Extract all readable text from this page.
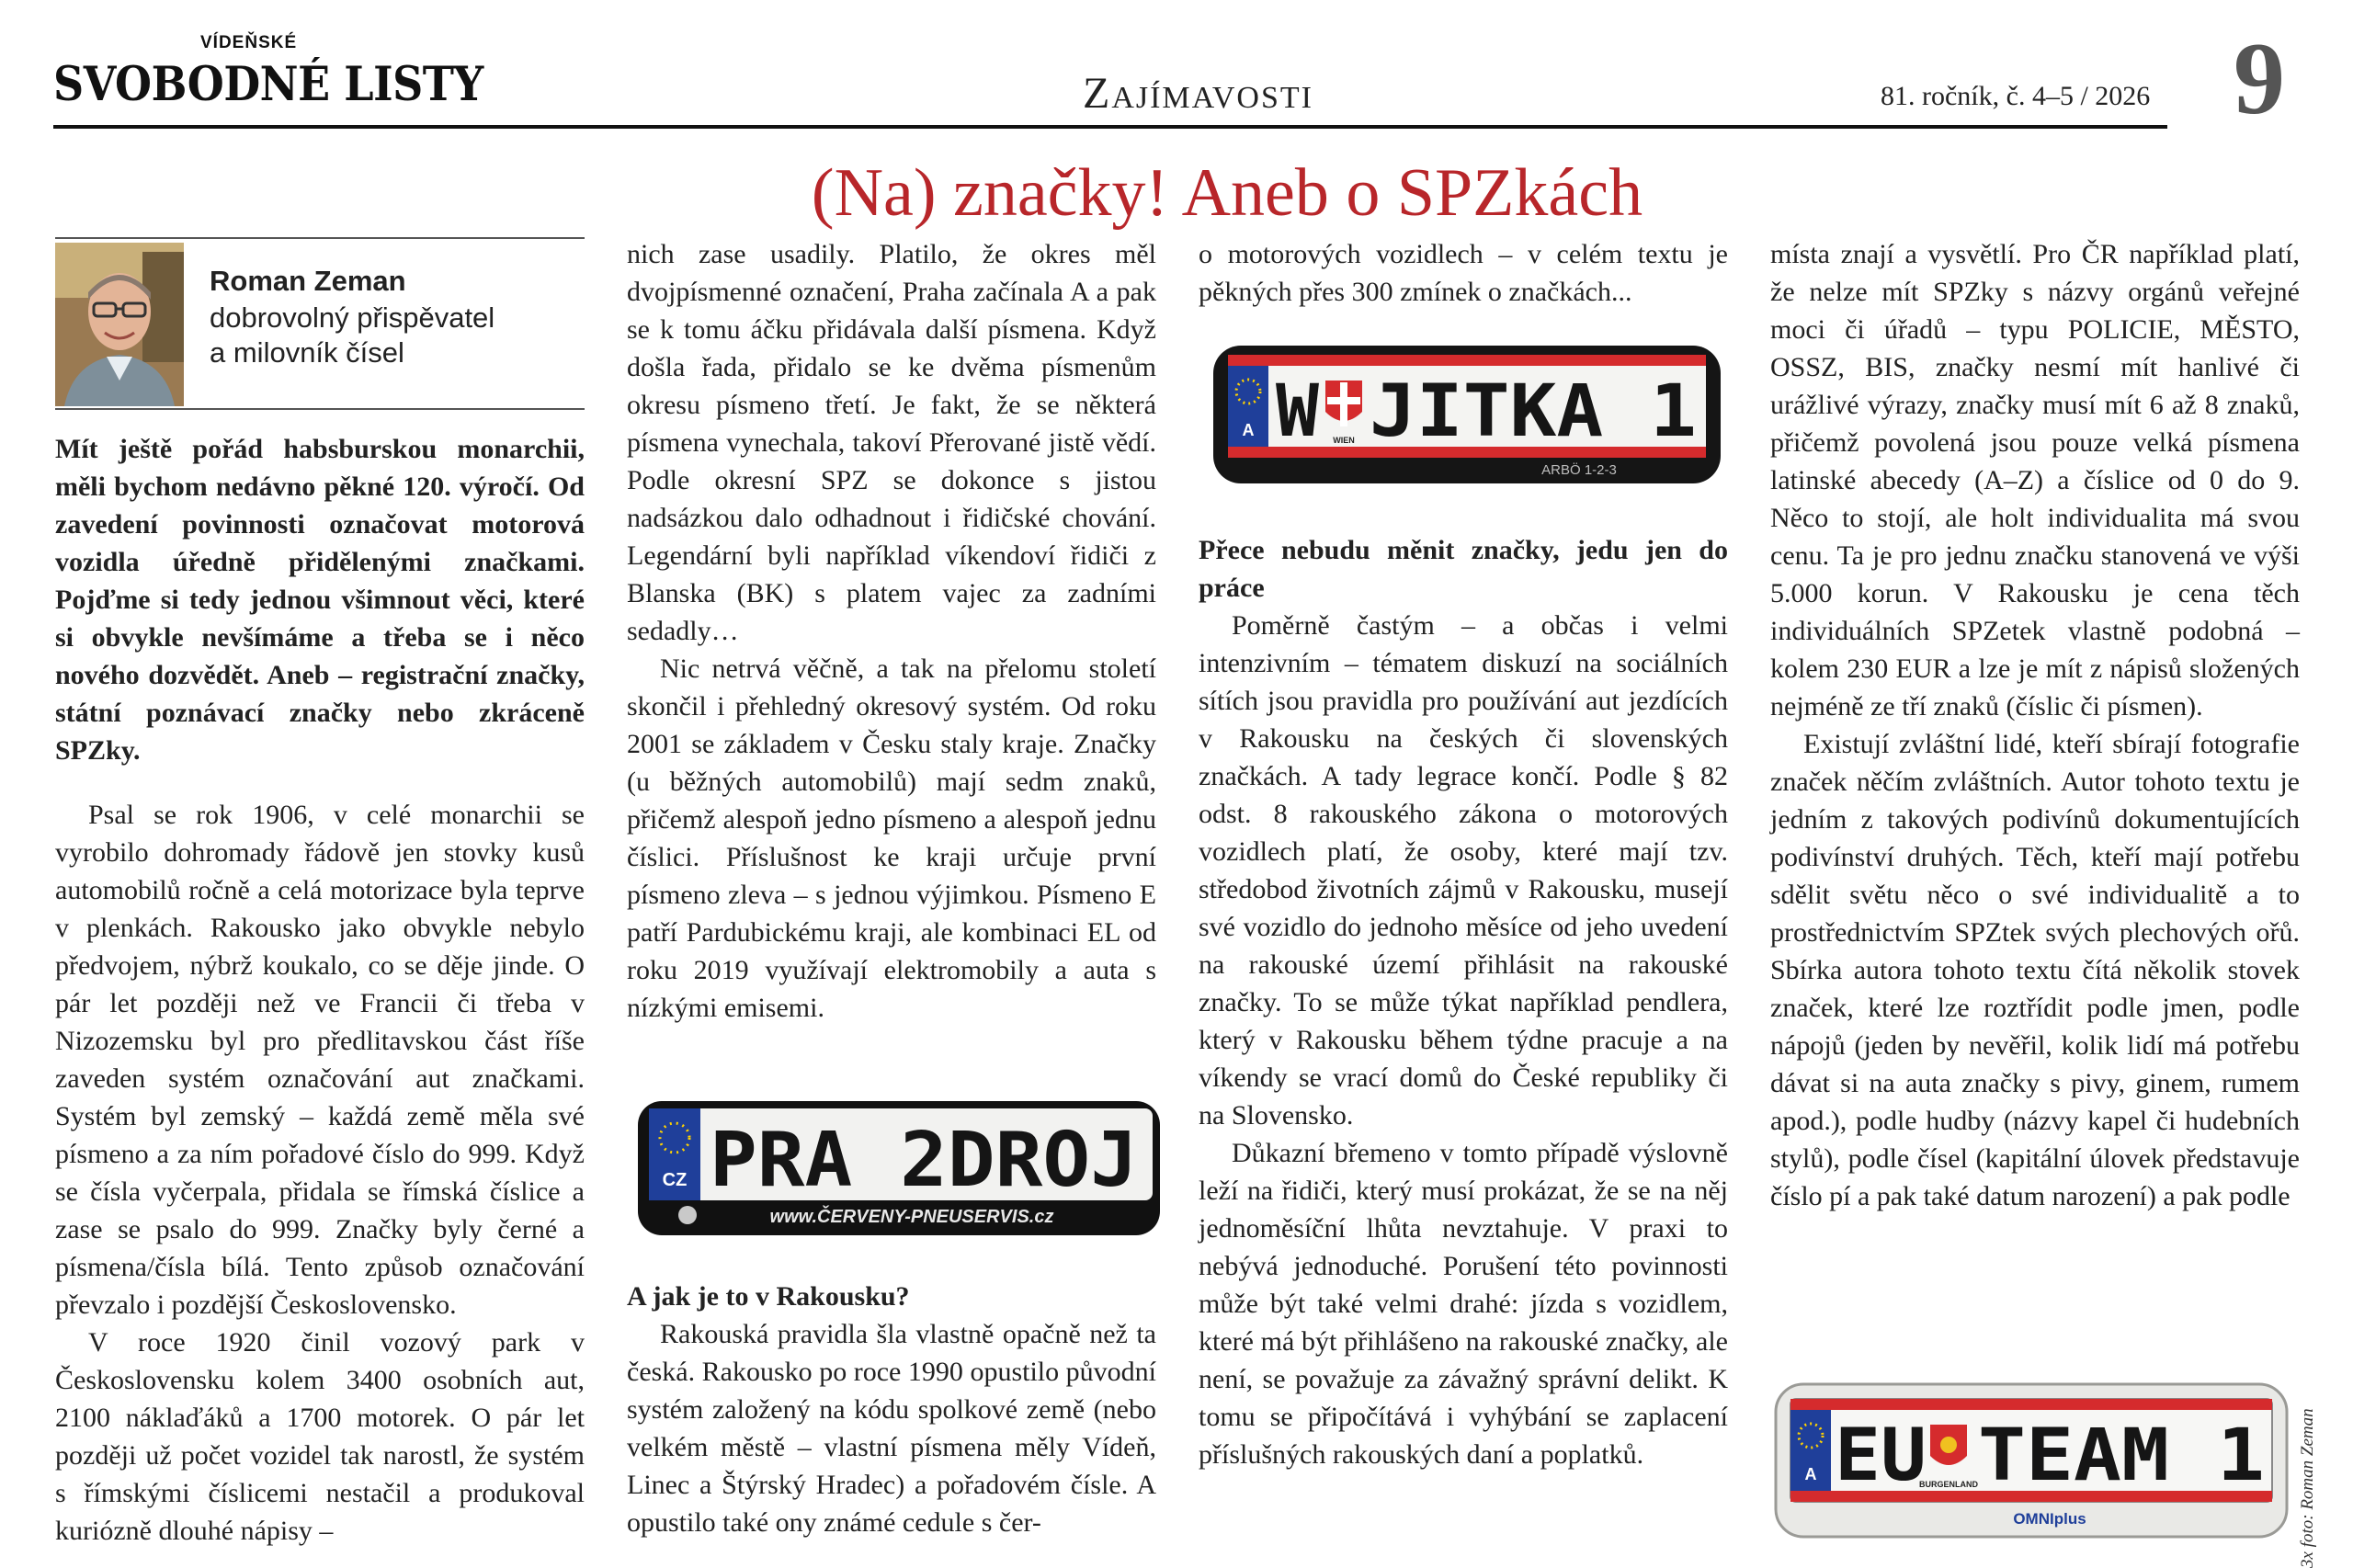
VÍDEŇSKÉ
SVOBODNÉ LISTY	Zajímavosti	81. ročník, č. 4–5 / 2026 9
(Na) značky! Aneb o SPZkách
Roman Zeman
dobrovolný přispěvatel
a milovník čísel

Mít ještě pořád habsburskou monarchii, měli bychom nedávno pěkné 120. výročí. Od zavedení povinnosti označovat motorová vozidla úředně přidělenými značkami. Pojďme si tedy jednou všimnout věci, které si obvykle nevšímáme a třeba se i něco nového dozvědět. Aneb – registrační značky, státní poznávací značky nebo zkráceně SPZky.

Psal se rok 1906, v celé monarchii se vyrobilo dohromady řádově jen stovky kusů automobilů ročně a celá motorizace byla teprve v plenkách. Rakousko jako obvykle nebylo předvojem, nýbrž koukalo, co se děje jinde. O pár let později než ve Francii či třeba v Nizozemsku byl pro předlitavskou část říše zaveden systém označování aut značkami. Systém byl zemský – každá země měla své písmeno a za ním pořadové číslo do 999. Když se čísla vyčerpala, přidala se římská číslice a zase se psalo do 999. Značky byly černé a písmena/čísla bílá. Tento způsob označování převzalo i pozdější Československo.

V roce 1920 činil vozový park v Československu kolem 3400 osobních aut, 2100 náklaďáků a 1700 motorek. O pár let později už počet vozidel tak narostl, že systém s římskými číslicemi nestačil a produkoval kuriózně dlouhé nápisy –

nich zase usadily. Platilo, že okres měl dvojpísmenné označení, Praha začínala A a pak se k tomu áčku přidávala další písmena. Když došla řada, přidalo se ke dvěma písmenům okresu písmeno třetí. Je fakt, že se některá písmena vynechala, takoví Přerované jistě vědí. Podle okresní SPZ se dokonce s jistou nadsázkou dalo odhadnout i řidičské chování. Legendární byli například víkendoví řidiči z Blanska (BK) s platem vajec za zadními sedadly…

Nic netrvá věčně, a tak na přelomu století skončil i přehledný okresový systém. Od roku 2001 se základem v Česku staly kraje. Značky (u běžných automobilů) mají sedm znaků, přičemž alespoň jedno písmeno a alespoň jednu číslici. Příslušnost ke kraji určuje první písmeno zleva – s jednou výjimkou. Písmeno E patří Pardubickému kraji, ale kombinaci EL od roku 2019 využívají elektromobily a auta s nízkými emisemi.

CZ PRA 2DROJ
www.ČERVENY-PNEUSERVIS.cz

A jak je to v Rakousku?

Rakouská pravidla šla vlastně opačně než ta česká. Rakousko po roce 1990 opustilo původní systém založený na kódu spolkové země (nebo velkém městě – vlastní písmena měly Vídeň, Linec a Štýrský Hradec) a pořadovém čísle. A opustilo také ony známé cedule s čer-

o motorových vozidlech – v celém textu je pěkných přes 300 zmínek o značkách...

A W WIEN JITKA 1
ARBÖ 1-2-3

Přece nebudu měnit značky, jedu jen do práce

Poměrně častým – a občas i velmi intenzivním – tématem diskuzí na sociálních sítích jsou pravidla pro používání aut jezdících v Rakousku na českých či slovenských značkách. A tady legrace končí. Podle § 82 odst. 8 rakouského zákona o motorových vozidlech platí, že osoby, které mají tzv. středobod životních zájmů v Rakousku, musejí své vozidlo do jednoho měsíce od jeho uvedení na rakouské území přihlásit na rakouské značky. To se může týkat například pendlera, který v Rakousku během týdne pracuje a na víkendy se vrací domů do České republiky či na Slovensko.

Důkazní břemeno v tomto případě výslovně leží na řidiči, který musí prokázat, že se na něj jednoměsíční lhůta nevztahuje. V praxi to nebývá jednoduché. Porušení této povinnosti může být také velmi drahé: jízda s vozidlem, které má být přihlášeno na rakouské značky, ale není, se považuje za závažný správní delikt. K tomu se připočítává i vyhýbání se zaplacení příslušných rakouských daní a poplatků.

místa znají a vysvětlí. Pro ČR například platí, že nelze mít SPZky s názvy orgánů veřejné moci či úřadů – typu POLICIE, MĚSTO, OSSZ, BIS, značky nesmí mít hanlivé či urážlivé výrazy, značky musí mít 6 až 8 znaků, přičemž povolená jsou pouze velká písmena latinské abecedy (A–Z) a číslice od 0 do 9. Něco to stojí, ale holt individualita má svou cenu. Ta je pro jednu značku stanovená ve výši 5.000 korun. V Rakousku je cena těch individuálních SPZetek vlastně podobná – kolem 230 EUR a lze je mít z nápisů složených nejméně ze tří znaků (číslic či písmen).

Existují zvláštní lidé, kteří sbírají fotografie značek něčím zvláštních. Autor tohoto textu je jedním z takových podivínů dokumentujících podivínství druhých. Těch, kteří mají potřebu sdělit světu něco o své individualitě a to prostřednictvím SPZtek svých plechových ořů. Sbírka autora tohoto textu čítá několik stovek značek, které lze roztřídit podle jmen, podle nápojů (jeden by nevěřil, kolik lidí má potřebu dávat si na auta značky s pivy, ginem, rumem apod.), podle hudby (názvy kapel či hudebních stylů), podle čísel (kapitální úlovek představuje číslo pí a pak také datum narození) a pak podle

A EU
BURGENLAND TEAM 1
OMNIplus	3x foto: Roman Zeman
